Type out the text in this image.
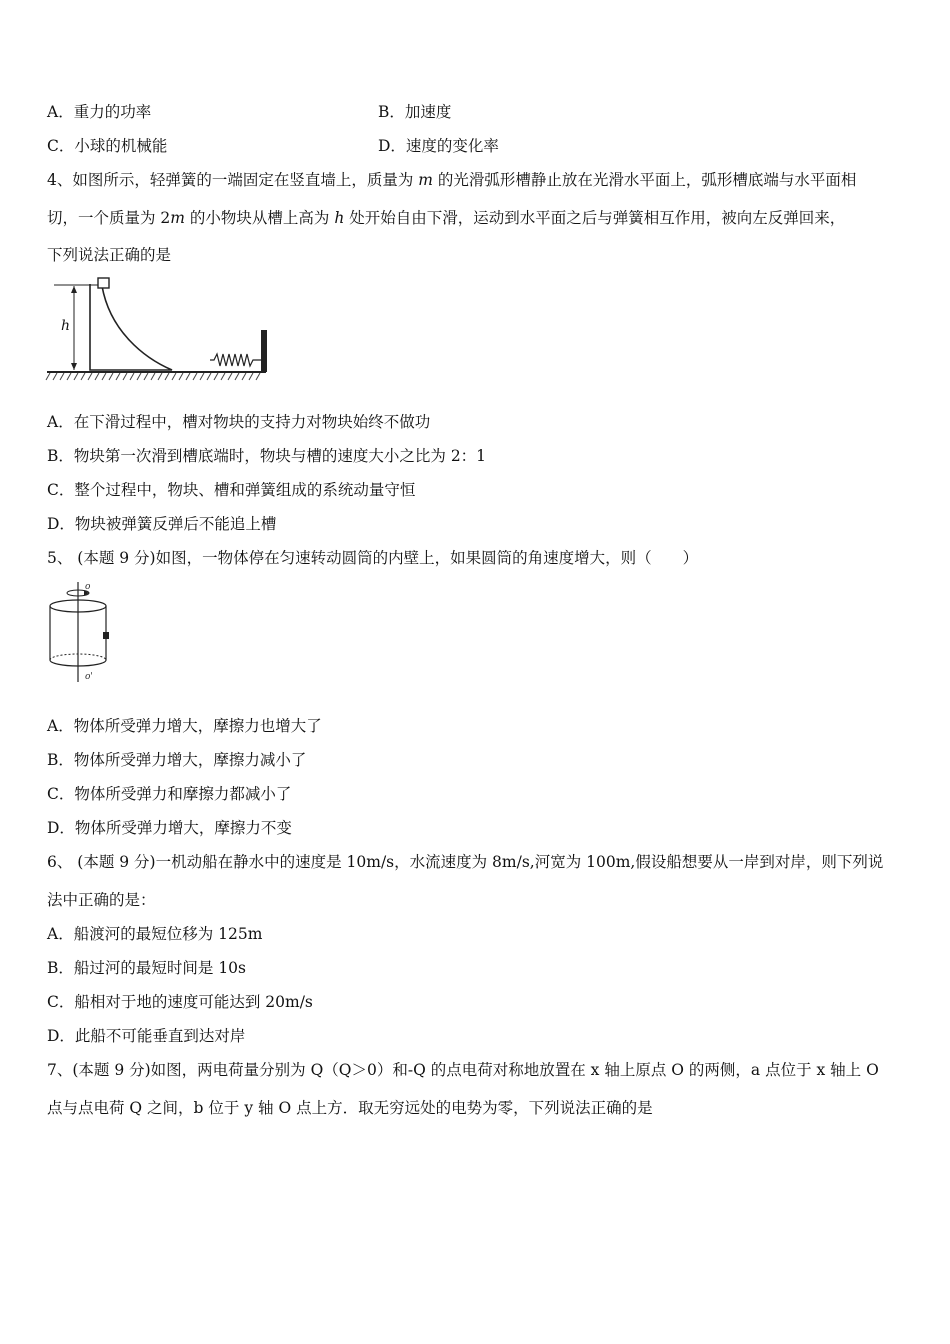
A．重力的功率	B．加速度
C．小球的机械能	D．速度的变化率
4、如图所示，轻弹簧的一端固定在竖直墙上，质量为 m 的光滑弧形槽静止放在光滑水平面上，弧形槽底端与水平面相
切，一个质量为 2m 的小物块从槽上高为 h 处开始自由下滑，运动到水平面之后与弹簧相互作用，被向左反弹回来，
下列说法正确的是
h
A．在下滑过程中，槽对物块的支持力对物块始终不做功
B．物块第一次滑到槽底端时，物块与槽的速度大小之比为 2：1
C．整个过程中，物块、槽和弹簧组成的系统动量守恒
D．物块被弹簧反弹后不能追上槽
5、 (本题 9 分)如图，一物体停在匀速转动圆筒的内壁上，如果圆筒的角速度增大，则（　　）
o
o'
A．物体所受弹力增大，摩擦力也增大了
B．物体所受弹力增大，摩擦力减小了
C．物体所受弹力和摩擦力都减小了
D．物体所受弹力增大，摩擦力不变
6、 (本题 9 分)一机动船在静水中的速度是 10m/s，水流速度为 8m/s,河宽为 100m,假设船想要从一岸到对岸，则下列说
法中正确的是：
A．船渡河的最短位移为 125m
B．船过河的最短时间是 10s
C．船相对于地的速度可能达到 20m/s
D．此船不可能垂直到达对岸
7、(本题 9 分)如图，两电荷量分别为 Q（Q＞0）和-Q 的点电荷对称地放置在 x 轴上原点 O 的两侧，a 点位于 x 轴上 O
点与点电荷 Q 之间，b 位于 y 轴 O 点上方．取无穷远处的电势为零，下列说法正确的是
